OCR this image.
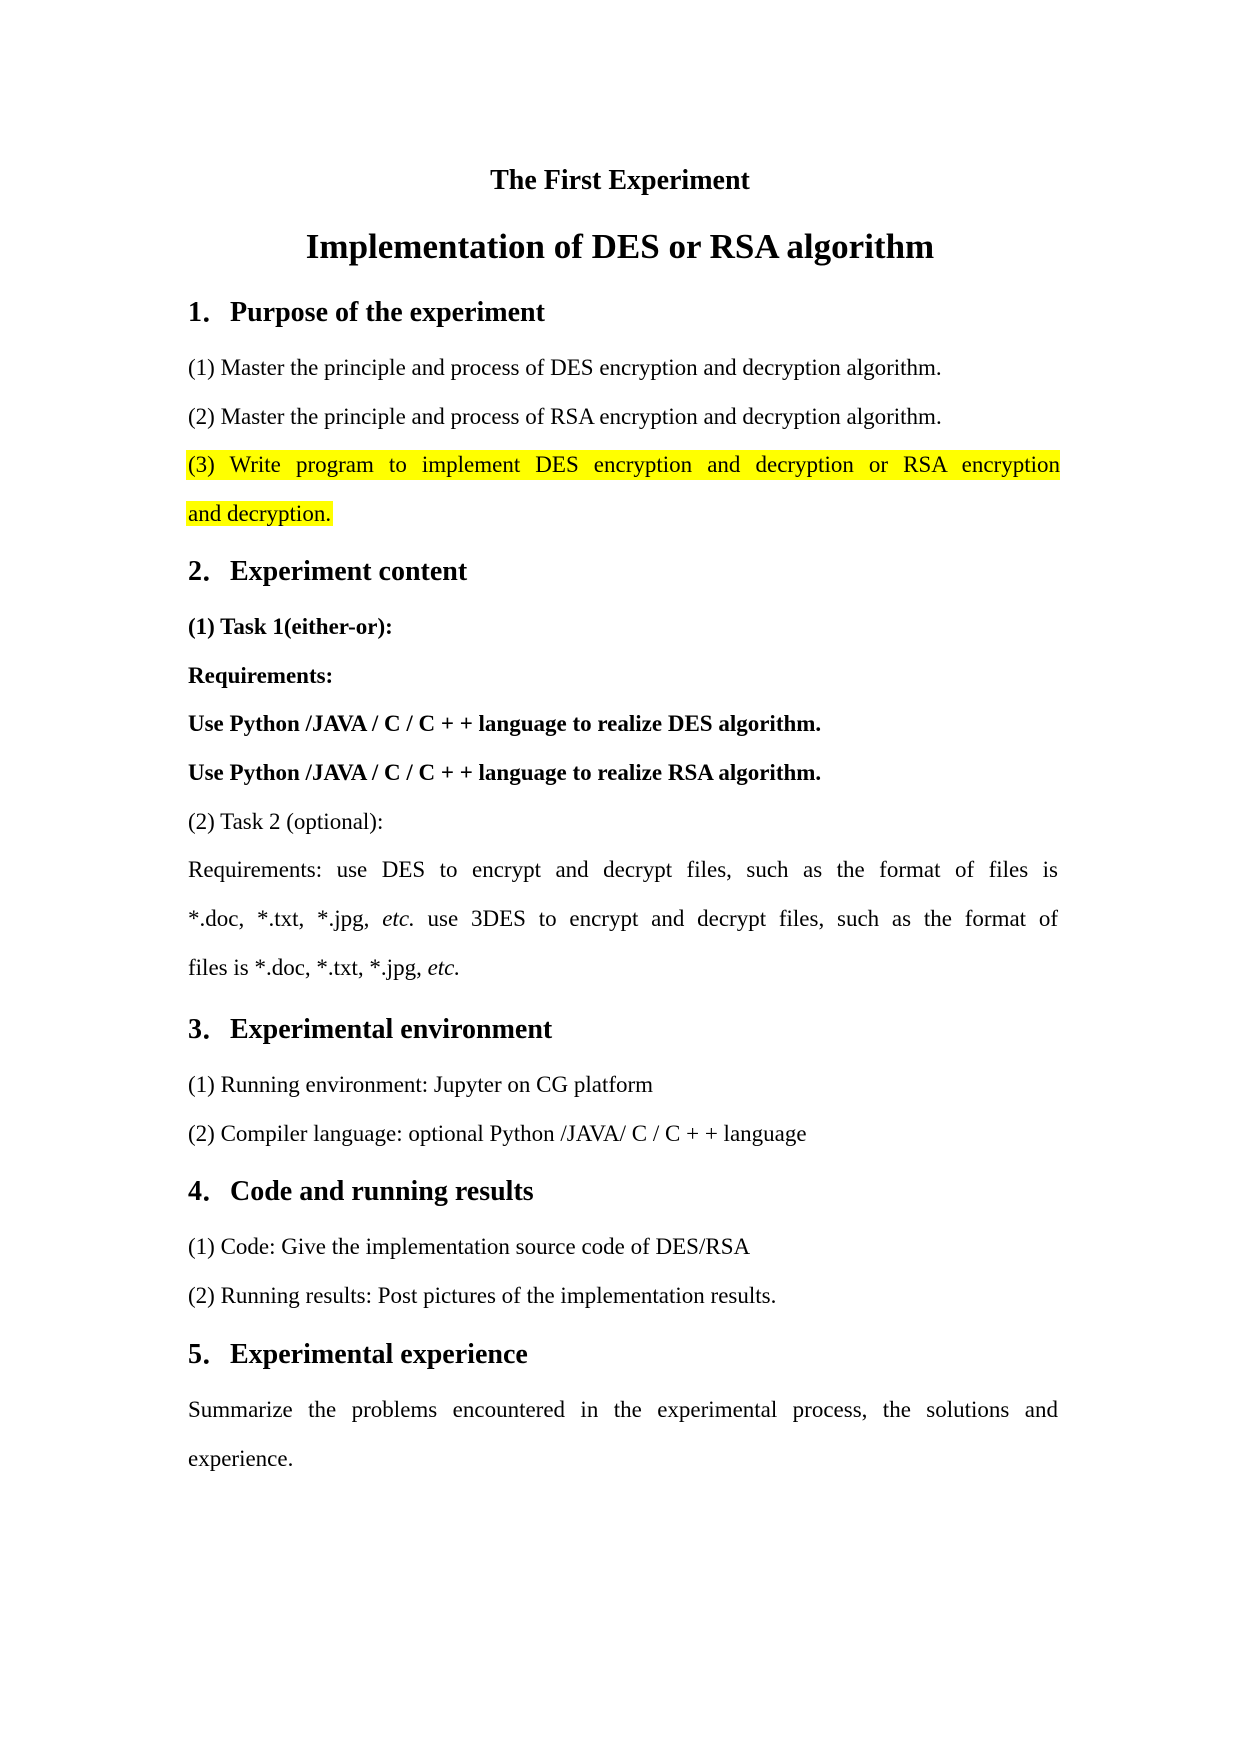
The First Experiment
Implementation of DES or RSA algorithm
1．Purpose of the experiment
(1) Master the principle and process of DES encryption and decryption algorithm.
(2) Master the principle and process of RSA encryption and decryption algorithm.
(3) Write program to implement DES encryption and decryption or RSA encryption
and decryption.
2．Experiment content
(1) Task 1(either-or):
Requirements:
Use Python /JAVA / C / C + + language to realize DES algorithm.
Use Python /JAVA / C / C + + language to realize RSA algorithm.
(2) Task 2 (optional):
Requirements: use DES to encrypt and decrypt files, such as the format of files is
*.doc, *.txt, *.jpg, etc. use 3DES to encrypt and decrypt files, such as the format of
files is *.doc, *.txt, *.jpg, etc.
3．Experimental environment
(1) Running environment: Jupyter on CG platform
(2) Compiler language: optional Python /JAVA/ C / C + + language
4．Code and running results
(1) Code: Give the implementation source code of DES/RSA
(2) Running results: Post pictures of the implementation results.
5．Experimental experience
Summarize the problems encountered in the experimental process, the solutions and
experience.
